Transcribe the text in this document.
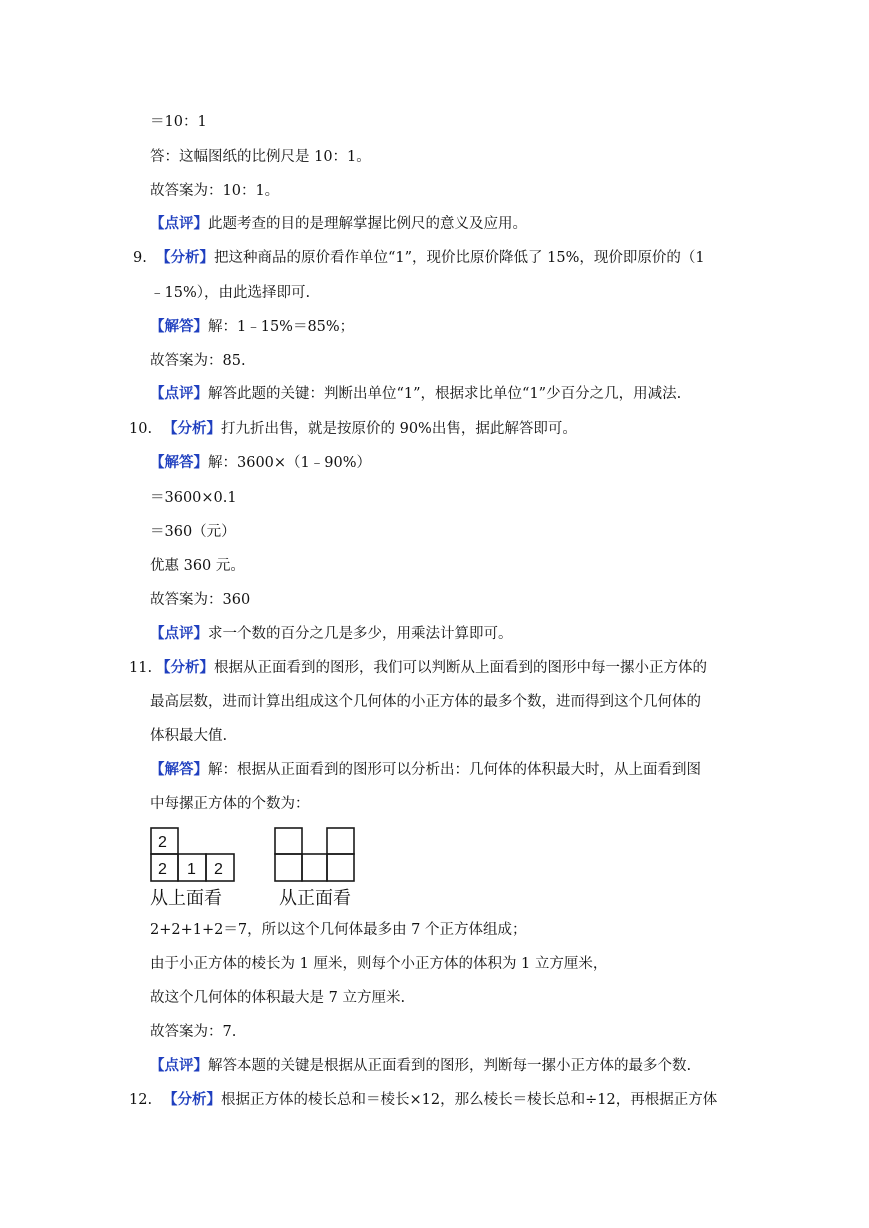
＝10：1
答：这幅图纸的比例尺是 10：1。
故答案为：10：1。
【点评】此题考查的目的是理解掌握比例尺的意义及应用。
9. 【分析】把这种商品的原价看作单位“1”，现价比原价降低了 15%，现价即原价的（1
﹣15%），由此选择即可.
【解答】解：1﹣15%＝85%；
故答案为：85.
【点评】解答此题的关键：判断出单位“1”，根据求比单位“1”少百分之几，用减法.
10. 【分析】打九折出售，就是按原价的 90%出售，据此解答即可。
【解答】解：3600×（1﹣90%）
＝3600×0.1
＝360（元）
优惠 360 元。
故答案为：360
【点评】求一个数的百分之几是多少，用乘法计算即可。
11. 【分析】根据从正面看到的图形，我们可以判断从上面看到的图形中每一摞小正方体的
最高层数，进而计算出组成这个几何体的小正方体的最多个数，进而得到这个几何体的
体积最大值.
【解答】解：根据从正面看到的图形可以分析出：几何体的体积最大时，从上面看到图
中每摞正方体的个数为：
2
2 1 2
从上面看	从正面看
2+2+1+2＝7，所以这个几何体最多由 7 个正方体组成；
由于小正方体的棱长为 1 厘米，则每个小正方体的体积为 1 立方厘米，
故这个几何体的体积最大是 7 立方厘米.
故答案为：7.
【点评】解答本题的关键是根据从正面看到的图形，判断每一摞小正方体的最多个数.
12. 【分析】根据正方体的棱长总和＝棱长×12，那么棱长＝棱长总和÷12，再根据正方体
